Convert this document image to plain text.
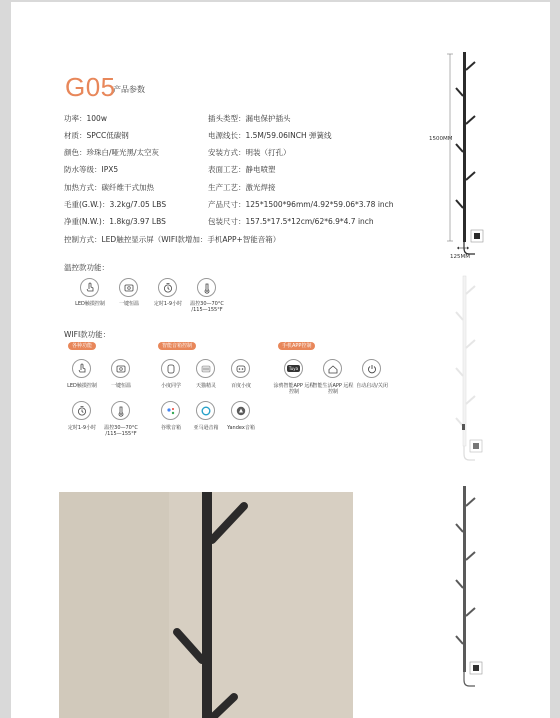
G05
产品参数
功率：100w	插头类型：漏电保护插头
材质：SPCC低碳钢	电源线长：1.5M/59.06INCH 弹簧线
颜色：珍珠白/哑光黑/太空灰	安装方式：明装（打孔）
防水等级：IPX5	表面工艺：静电喷塑
加热方式：碳纤维干式加热	生产工艺：激光焊接
毛重(G.W.)：3.2kg/7.05 LBS	产品尺寸：125*1500*96mm/4.92*59.06*3.78 inch
净重(N.W.)：1.8kg/3.97 LBS	包装尺寸：157.5*17.5*12cm/62*6.9*4.7 inch
控制方式：LED触控显示屏（WIFI款增加：手机APP+智能音箱）
温控款功能：
LED触摸控制	一键恒温	定时1-9小时	温控30—70°C /115—155°F
WIFI款功能：
各种功能	智能音箱控制	手机APP控制
LED触摸控制	一键恒温
定时1-9小时	温控30—70°C /115—155°F
小度同学	天猫精灵	百度小度
谷歌音箱	亚马逊音箱	Yandex音箱
Tuya
涂鸦智能APP 远程控制
智能生活APP 远程控制
自动启动/关闭
1500MM
125MM
